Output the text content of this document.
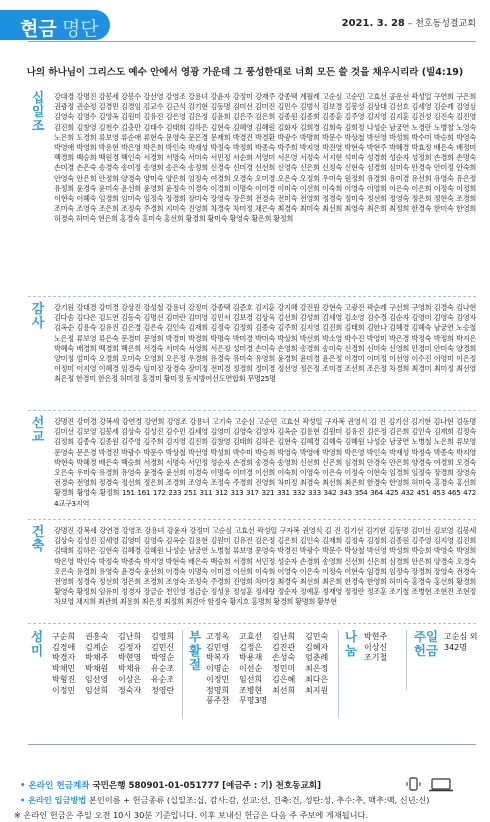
현금 명단	2021. 3. 28 – 천호동성결교회
나의 하나님이 그리스도 예수 안에서 영광 가운데 그 풍성한대로 너희 모든 쓸 것을 채우시리라 (빌4:19)
십일조
강대경 강명진 강봉세 강봉수 강선영 강영조 강용녀 강윤자 강정미 강재주 강종택 계월례 고순심 고순민 고효선 공운선 곽성일 구연희 구은희 권광정 권순정 김경민 김경임 김교수 김근석 김기현 김동명 김미선 김미진 김민수 김범식 김보경 김봉성 김상대 김선호 김세영 김순례 김영심 김영숙 김영수 김영옥 김원미 김유진 김은영 김은정 김윤희 김은주 김은희 김종원 김종희 김종훈 김주영 김지영 김지훈 김진성 김진숙 김진영 김진희 김창영 김천수 김충만 김태수 김태희 김하은 김현숙 김혜영 김혜원 김화자 김희경 김희숙 김희정 나성순 남궁연 노경란 노병철 노영숙 노은희 도경희 류보영 류순애 류현숙 문영숙 문은경 문재희 박경진 박경환 박광수 박명희 박문수 박상철 박선영 박성희 박수미 박승희 박영숙 박영애 박영희 박용현 박은영 박은희 박인숙 박재성 박정숙 박정희 박종숙 박주희 박지영 박진영 박현숙 박현주 박혜경 박효정 배은숙 배정미 백경희 백승희 백원경 백인숙 서경희 서명숙 서미숙 서민정 서순희 서영미 서은영 서정숙 서지현 석미숙 성경희 성순자 성정희 손경희 손명숙 손미경 손은숙 송경숙 송미정 송영희 송은숙 송정희 신경숙 신미경 신선희 신영숙 신은희 신정숙 신현숙 심경희 심미숙 안경숙 안미정 안숙희 안영숙 안은희 안정희 양경숙 양미숙 양은희 엄정숙 여경희 오경숙 오미경 오은숙 오정희 우미숙 원정희 유경희 유미경 유선희 유영숙 유은정 유정희 윤경숙 윤미숙 윤선희 윤영희 윤정숙 이경숙 이경희 이명숙 이미경 이미숙 이선희 이숙희 이영숙 이영희 이은숙 이은희 이정숙 이정희 이현숙 이혜숙 임경희 임미숙 임정숙 장경희 장미숙 장영숙 장은희 전경숙 전미숙 전영희 정경숙 정미숙 정선희 정영숙 정은희 정현숙 조경희 조미숙 조영숙 조은희 조정숙 주경희 지미숙 진영희 차경숙 차미정 채은숙 최경숙 최미숙 최선희 최영숙 최은희 최정희 한경숙 한미숙 한영희 허경숙 허미숙 현은희 홍경숙 홍미숙 홍선희 황경희 황미숙 황영숙 황은희 황정희
감사
강기원 강대경 강미경 강상진 강성철 강용녀 강정미 강종택 김준호 김지훈 강지혜 강진원 강현숙 고광진 곽순례 구선희 구영희 김경숙 김나현 김다솜 김다은 김도연 김동숙 김명선 김미란 김미영 김민서 김보경 김상욱 김선희 김성희 김세영 김소영 김수경 김순자 김영미 김영숙 김영자 김옥순 김용숙 김유진 김은경 김은숙 김인숙 김재희 김정숙 김정희 김종숙 김주희 김지영 김진희 김태희 김한나 김혜경 김혜숙 남궁연 노승철 노은정 류보영 류은숙 문경미 문영희 박경미 박경희 박명숙 박미경 박미숙 박상희 박선희 박소영 박수진 박영미 박은경 박정숙 박정희 박지은 박혜숙 배경희 백경희 백은희 서경숙 서미숙 서영희 서은정 성미경 손미숙 손영희 송경희 송미숙 신경희 신미숙 신영희 안경미 안미숙 양경희 양미정 엄미숙 오경희 오미숙 오영희 오은정 우경희 유경숙 유미숙 유영희 윤경희 윤미경 윤은정 이경미 이미정 이선영 이수진 이영미 이은정 이정미 이지영 이혜경 임경숙 임미정 장경숙 장미정 전미경 정경희 정미경 정선영 정은정 조미경 조선희 조은정 차경희 최경미 최미정 최선영 최은정 한경미 한은정 허미정 홍경미 황미정 동지방여선도연합회 무명25명
선교
강명진 강미경 강복세 강연경 강연희 강영조 강용녀 고기숙 고순심 고순민 고효선 곽성일 구자복 권영식 김 진 김기선 김기현 김나현 김동명 김미선 김보영 김봉세 김상숙 김성진 김수민 김세영 김영미 김영숙 김영자 김옥순 김용현 김원미 김유진 김은정 김은희 김인숙 김재희 김정숙 김정희 김종숙 김종원 김주영 김주희 김지영 김진희 김창영 김태희 김하은 김현숙 김혜경 김혜숙 김혜원 나성순 남궁연 노병철 노은희 류보영 문영숙 문은경 박경진 박광수 박문수 박상철 박선영 박성희 박수미 박승희 박영숙 박영애 박영희 박은영 박인숙 박재성 박정숙 박종숙 박지영 박현숙 박혜경 배은숙 백승희 서경희 서명숙 서민정 성순자 손경희 송경숙 송영희 신선희 신은희 심경희 안경숙 안은희 양경숙 여경희 오경숙 오은숙 우미숙 유경희 유영숙 윤경숙 윤선희 이경숙 이명숙 이미경 이선희 이숙희 이영숙 이은숙 이정숙 이현숙 임경희 임정숙 장경희 장영숙 전경숙 전영희 정경숙 정선희 정은희 조경희 조영숙 조정숙 주경희 진영희 차미정 최경숙 최선희 최은희 한경숙 한영희 허미숙 홍경숙 홍선희 황경희 황영숙 황정희 151 161 172 233 251 311 312 313 317 321 331 332 333 342 343 354 364 425 432 451 453 465 472 4교구3지역
건축
강명진 강복세 강연경 강영조 강용녀 강윤자 강정미 고순심 고효선 곽성일 구자복 권영식 김 진 김기선 김기현 김동명 김미선 김보영 김봉세 김상숙 김성진 김세영 김영미 김영숙 김옥순 김용현 김원미 김유진 김은정 김은희 김인숙 김재희 김정숙 김정희 김종원 김주영 김지영 김진희 김태희 김하은 김현숙 김혜경 김혜원 나성순 남궁연 노병철 류보영 문영숙 박경진 박광수 박문수 박상철 박선영 박성희 박승희 박영숙 박영희 박은영 박인숙 박정숙 박종숙 박지영 박현숙 배은숙 백승희 서경희 서민정 성순자 손경희 송영희 신선희 신은희 심경희 안은희 양경숙 오경숙 오은숙 유경희 유영숙 윤경숙 윤선희 이경숙 이명숙 이미경 이선희 이숙희 이영숙 이은숙 이정숙 이현숙 임경희 임정숙 장경희 장영숙 전경숙 전영희 정경숙 정선희 정은희 조경희 조영숙 조정숙 주경희 진영희 차미정 최경숙 최선희 최은희 한경숙 한영희 허미숙 홍경숙 홍선희 황경희 황영숙 황정희 임유미 정경자 장금순 천인영 정금순 정성용 정성훈 정세랑 정순자 정예훈 정재영 정정란 정조훈 조기철 조병현 조현진 조현정 차보영 채지희 최관희 최용희 최은정 최정희 최진아 함정숙 황지호 홍명희 황경희 황명희 황부현
성미
구순희
김경애
박경자
박채민
박형진
이정민
권흥숙
김계순
박채주
박채원
임선영
임선희
김난희
김정자
박현영
박채유
이상은
정숙자
김영희
김민신
박영순
유순조
유순조
정영란
부활절
고정옥
김민영
박복자
이명순
이정민
정명희
풍주찬
고효선
김정은
박용재
이선순
임선희
조병현
무명3명
김난희
김진관
손성숙
정민미
김은혜
최선희
김민숙
김혜자
엄춘례
최은정
최다은
최지원
나눔
박현주
이상신
조기철
주일헌금
고순심 외
342명
• 온라인 헌금계좌 국민은행 580901-01-051777 [예금주 : 기) 천호동교회]
• 온라인 입금방법 본인이름 + 헌금종류 (십일조:십, 감사:감, 선교:선, 건축:건, 성탄:성, 추수:추, 맥추:맥, 신년:신)
※ 온라인 헌금은 주일 오전 10시 30분 기준입니다. 이후 보내신 헌금은 다음 주 주보에 게재됩니다.
